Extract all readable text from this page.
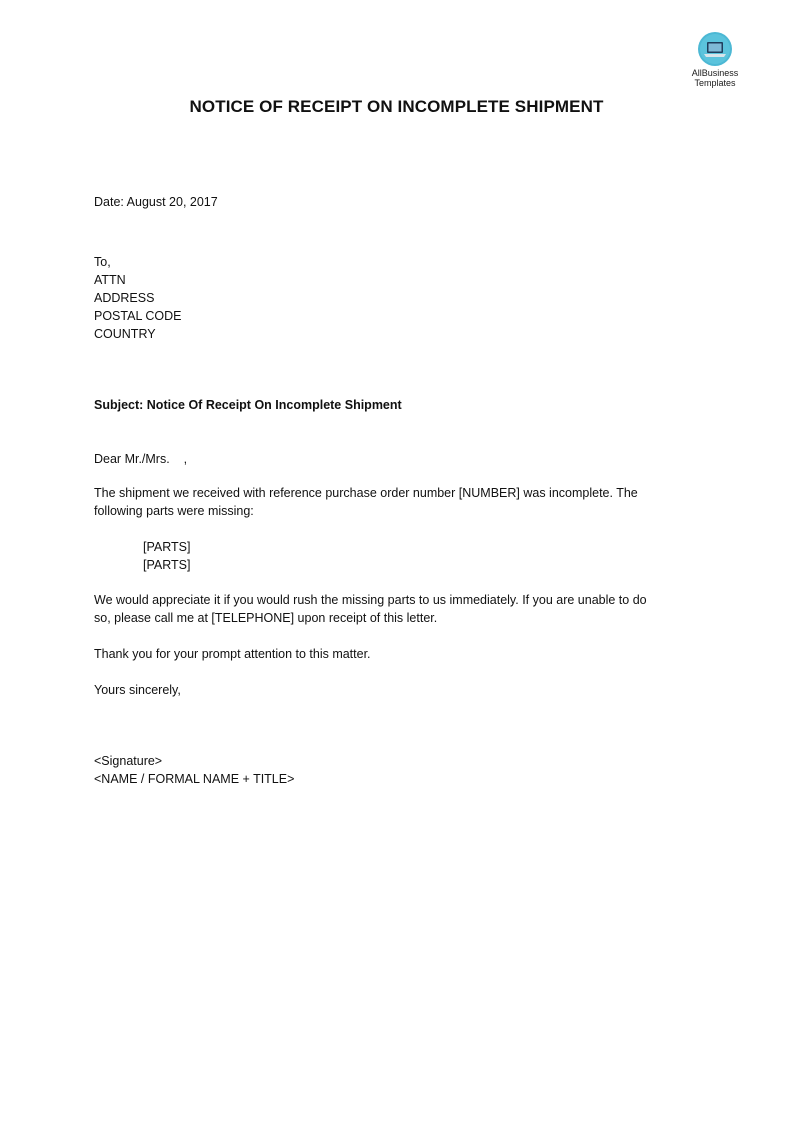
AllBusiness
Templates
NOTICE OF RECEIPT ON INCOMPLETE SHIPMENT
Date: August 20, 2017
To,
ATTN
ADDRESS
POSTAL CODE
COUNTRY
Subject: Notice Of Receipt On Incomplete Shipment
Dear Mr./Mrs.    ,
The shipment we received with reference purchase order number [NUMBER] was incomplete. The
following parts were missing:
[PARTS]
[PARTS]
We would appreciate it if you would rush the missing parts to us immediately. If you are unable to do
so, please call me at [TELEPHONE] upon receipt of this letter.
Thank you for your prompt attention to this matter.
Yours sincerely,
<Signature>
<NAME / FORMAL NAME + TITLE>
